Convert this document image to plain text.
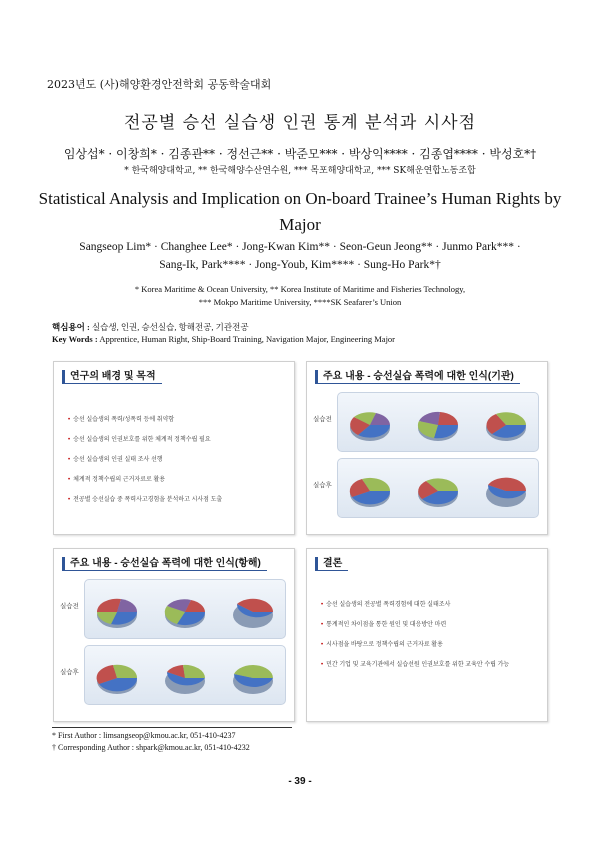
2023년도 (사)해양환경안전학회 공동학술대회
전공별 승선 실습생 인권 통계 분석과 시사점
임상섭* · 이창희* · 김종관** · 정선근** · 박준모*** · 박상익**** · 김종엽**** · 박성호*†
* 한국해양대학교, ** 한국해양수산연수원, *** 목포해양대학교, *** SK해운연합노동조합
Statistical Analysis and Implication on On-board Trainee’s Human Rights by Major
Sangseop Lim* · Changhee Lee* · Jong-Kwan Kim** · Seon-Geun Jeong** · Junmo Park*** ·
Sang-Ik, Park**** · Jong-Youb, Kim**** · Sung-Ho Park*†
* Korea Maritime & Ocean University, ** Korea Institute of Maritime and Fisheries Technology,
*** Mokpo Maritime University, ****SK Seafarer’s Union
핵심용어 : 실습생, 인권, 승선실습, 항해전공, 기관전공
Key Words : Apprentice, Human Right, Ship-Board Training, Navigation Major, Engineering Major
연구의 배경 및 목적
• 승선 실습생의 폭력/성폭력 등에 취약함
• 승선 실습생의 인권보호를 위한 체계적 정책수립 필요
• 승선 실습생의 인권 실태 조사 선행
• 체계적 정책수립의 근거자료로 활용
• 전공별 승선실습 중 폭력사고경험을 분석하고 시사점 도출
주요 내용 - 승선실습 폭력에 대한 인식(기관)
실습전
실습후
주요 내용 - 승선실습 폭력에 대한 인식(항해)
실습전
실습후
결론
• 승선 실습생의 전공별 폭력경험에 대한 실태조사
• 통계적인 차이점을 통한 원인 및 대응방안 마련
• 시사점을 바탕으로 정책수립의 근거자료 활용
• 민간 기업 및 교육기관에서 실습선원 인권보호를 위한 교육안 수립 가능
* First Author : limsangseop@kmou.ac.kr, 051-410-4237
† Corresponding Author : shpark@kmou.ac.kr, 051-410-4232
- 39 -
